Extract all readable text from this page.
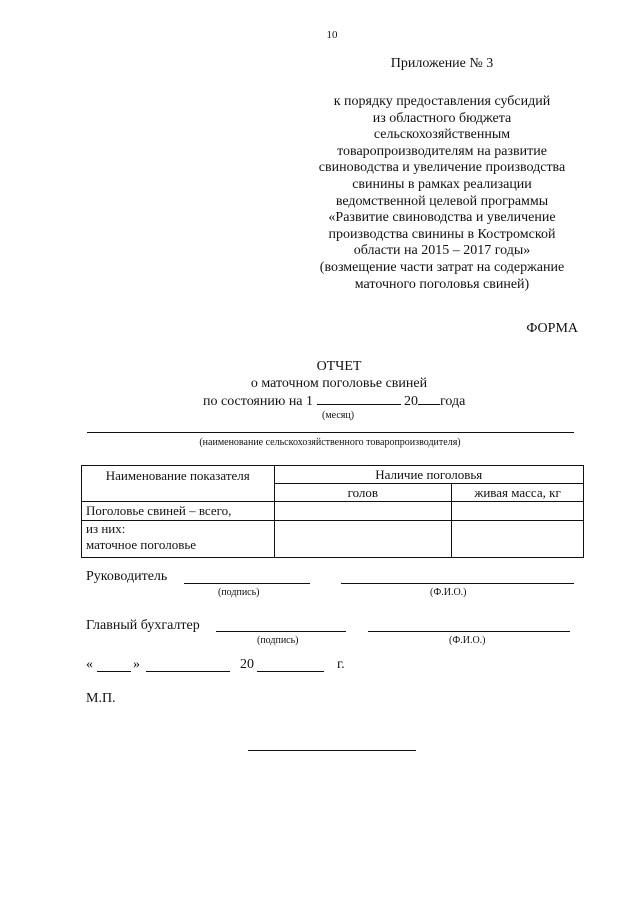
10
Приложение № 3
к порядку предоставления субсидий
из областного бюджета
сельскохозяйственным
товаропроизводителям на развитие
свиноводства и увеличение производства
свинины в рамках реализации
ведомственной целевой программы
«Развитие свиноводства и увеличение
производства свинины в Костромской
области на 2015 – 2017 годы»
(возмещение части затрат на содержание
маточного поголовья свиней)
ФОРМА
ОТЧЕТ
о маточном поголовье свиней
по состоянию на 1	20 года
(месяц)
(наименование сельскохозяйственного товаропроизводителя)
Наименование показателя	Наличие поголовья	
	голов	живая масса, кг
Поголовье свиней – всего,		

из них:
маточное поголовье		

Руководитель
(подпись)	(Ф.И.О.)
Главный бухгалтер
(подпись)	(Ф.И.О.)
«	»	20	г.
М.П.
